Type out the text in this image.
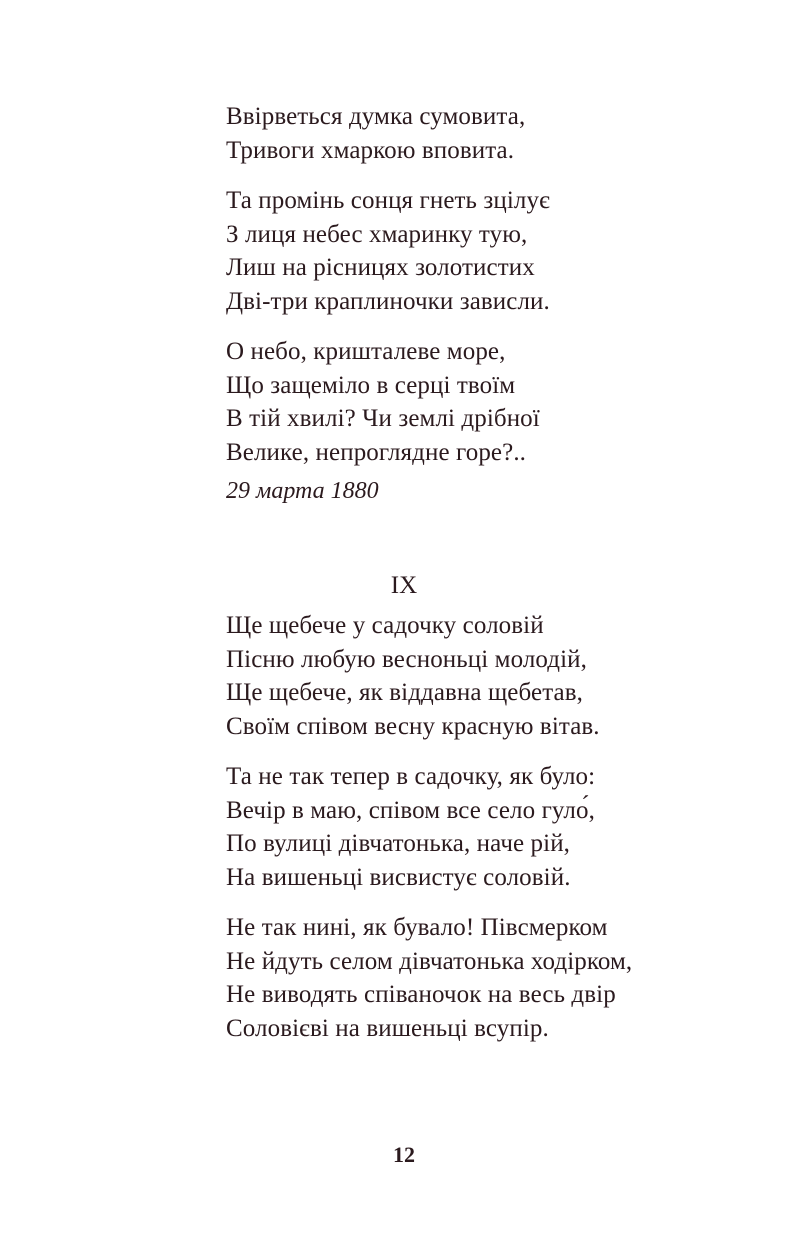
Ввірветься думка сумовита,
Тривоги хмаркою вповита.
Та промінь сонця гнеть зцілує
З лиця небес хмаринку тую,
Лиш на рісницях золотистих
Дві-три краплиночки зависли.
О небо, кришталеве море,
Що защеміло в серці твоїм
В тій хвилі? Чи землі дрібної
Велике, непроглядне горе?..
29 марта 1880
IX
Ще щебече у садочку соловій
Пісню любую весноньці молодій,
Ще щебече, як віддавна щебетав,
Своїм співом весну красную вітав.
Та не так тепер в садочку, як було:
Вечір в маю, співом все село гуло́,
По вулиці дівчатонька, наче рій,
На вишеньці висвистує соловій.
Не так нині, як бувало! Півсмерком
Не йдуть селом дівчатонька ходірком,
Не виводять співаночок на весь двір
Соловієві на вишеньці всупір.
12
